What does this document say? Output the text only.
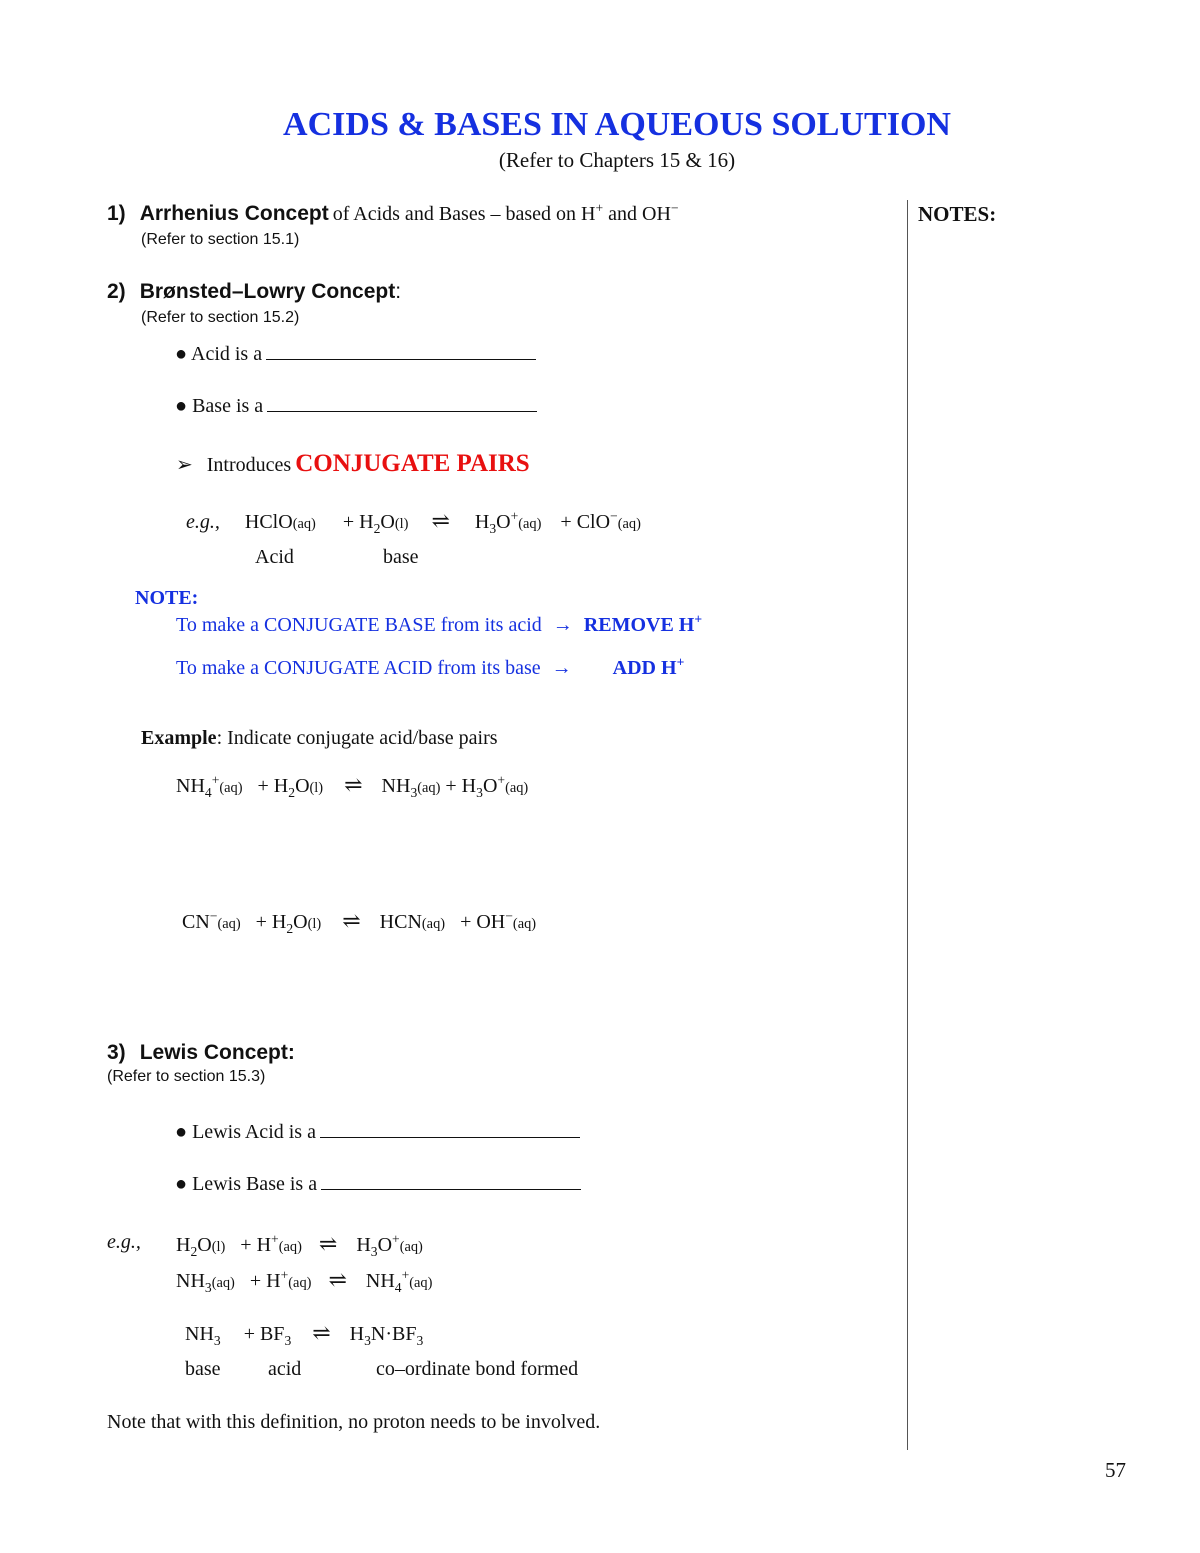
ACIDS & BASES IN AQUEOUS SOLUTION
(Refer to Chapters 15 & 16)
NOTES:
1) Arrhenius Concept of Acids and Bases – based on H+ and OH−
(Refer to section 15.1)
2) Brønsted–Lowry Concept:
(Refer to section 15.2)
● Acid is a
● Base is a
➢ Introduces CONJUGATE PAIRS
e.g., HClO(aq) + $H_2O(l)$ ⇌ $H_3O^+(aq) + ClO^-(aq)$
Acid	base
NOTE:
To make a CONJUGATE BASE from its acid → REMOVE H+
To make a CONJUGATE ACID from its base → ADD H+
Example: Indicate conjugate acid/base pairs
$NH_4^+(aq) + H_2O(l)$ ⇌ $NH_3(aq) + H_3O^+(aq)$
$CN^-(aq) + H_2O(l)$ ⇌ HCN(aq) + OH−(aq)
3) Lewis Concept:
(Refer to section 15.3)
● Lewis Acid is a
● Lewis Base is a
e.g., $H_2O(l) + H^+(aq)$ ⇌ $H_3O^+(aq)$
$NH_3(aq) + H^+(aq)$ ⇌ $NH_4^+(aq)$
$NH_3 + BF_3$ ⇌ $H_3N\cdot BF_3$
base acid	co–ordinate bond formed
Note that with this definition, no proton needs to be involved.
57
